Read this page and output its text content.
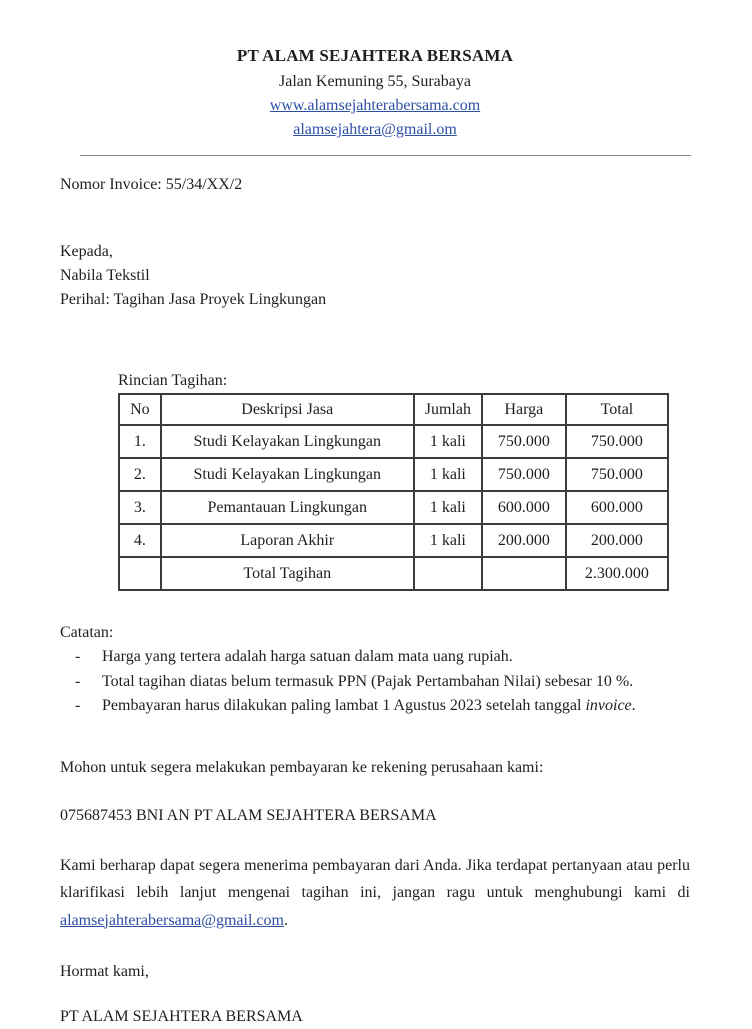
PT ALAM SEJAHTERA BERSAMA
Jalan Kemuning 55, Surabaya
www.alamsejahterabersama.com
alamsejahtera@gmail.om

Nomor Invoice: 55/34/XX/2

Kepada,

Nabila Tekstil

Perihal: Tagihan Jasa Proyek Lingkungan

Rincian Tagihan:
No	Deskripsi Jasa	Jumlah	Harga	Total
1.	Studi Kelayakan Lingkungan	1 kali	750.000	750.000
2.	Studi Kelayakan Lingkungan	1 kali	750.000	750.000
3.	Pemantauan Lingkungan	1 kali	600.000	600.000
4.	Laporan Akhir	1 kali	200.000	200.000
	Total Tagihan			2.300.000

Catatan:

-	Harga yang tertera adalah harga satuan dalam mata uang rupiah.
-	Total tagihan diatas belum termasuk PPN (Pajak Pertambahan Nilai) sebesar 10 %.
-	Pembayaran harus dilakukan paling lambat 1 Agustus 2023 setelah tanggal invoice.

Mohon untuk segera melakukan pembayaran ke rekening perusahaan kami:

075687453 BNI AN PT ALAM SEJAHTERA BERSAMA

Kami berharap dapat segera menerima pembayaran dari Anda. Jika terdapat pertanyaan atau perlu klarifikasi lebih lanjut mengenai tagihan ini, jangan ragu untuk menghubungi kami di alamsejahterabersama@gmail.com.

Hormat kami,

PT ALAM SEJAHTERA BERSAMA
